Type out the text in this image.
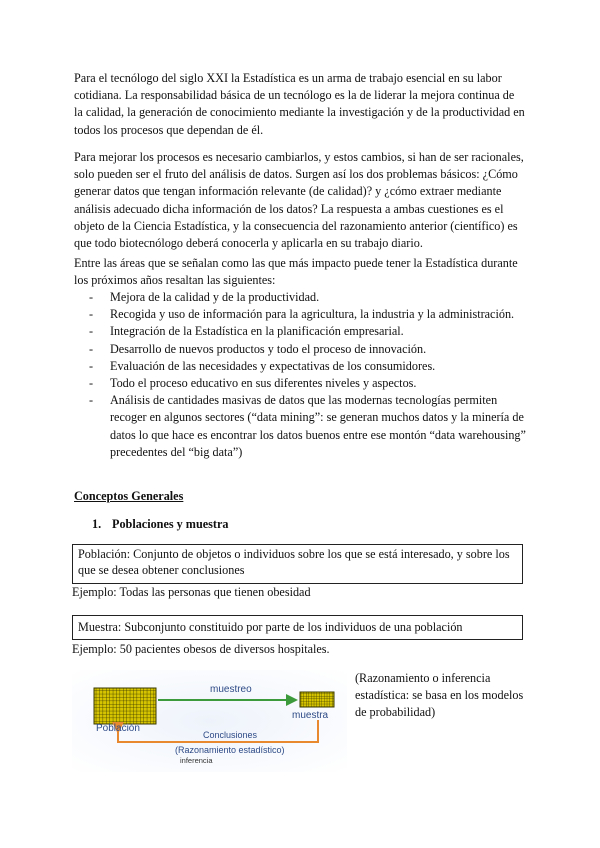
Para el tecnólogo del siglo XXI la Estadística es un arma de trabajo esencial en su labor cotidiana. La responsabilidad básica de un tecnólogo es la de liderar la mejora continua de la calidad, la generación de conocimiento mediante la investigación y de la productividad en todos los procesos que dependan de él.

Para mejorar los procesos es necesario cambiarlos, y estos cambios, si han de ser racionales, solo pueden ser el fruto del análisis de datos. Surgen así los dos problemas básicos: ¿Cómo generar datos que tengan información relevante (de calidad)? y ¿cómo extraer mediante análisis adecuado dicha información de los datos? La respuesta a ambas cuestiones es el objeto de la Ciencia Estadística, y la consecuencia del razonamiento anterior (científico) es que todo biotecnólogo deberá conocerla y aplicarla en su trabajo diario.

Entre las áreas que se señalan como las que más impacto puede tener la Estadística durante los próximos años resaltan las siguientes:

- Mejora de la calidad y de la productividad.
- Recogida y uso de información para la agricultura, la industria y la administración.
- Integración de la Estadística en la planificación empresarial.
- Desarrollo de nuevos productos y todo el proceso de innovación.
- Evaluación de las necesidades y expectativas de los consumidores.
- Todo el proceso educativo en sus diferentes niveles y aspectos.
- Análisis de cantidades masivas de datos que las modernas tecnologías permiten recoger en algunos sectores (“data mining”: se generan muchos datos y la minería de datos lo que hace es encontrar los datos buenos entre ese montón “data warehousing” precedentes del “big data”)
Conceptos Generales
1. Poblaciones y muestra
Población: Conjunto de objetos o individuos sobre los que se está interesado, y sobre los que se desea obtener conclusiones
Ejemplo: Todas las personas que tienen obesidad
Muestra: Subconjunto constituido por parte de los individuos de una población
Ejemplo: 50 pacientes obesos de diversos hospitales.
muestreo
muestra
Población
Conclusiones
(Razonamiento estadístico)
inferencia
(Razonamiento o inferencia estadística: se basa en los modelos de probabilidad)
